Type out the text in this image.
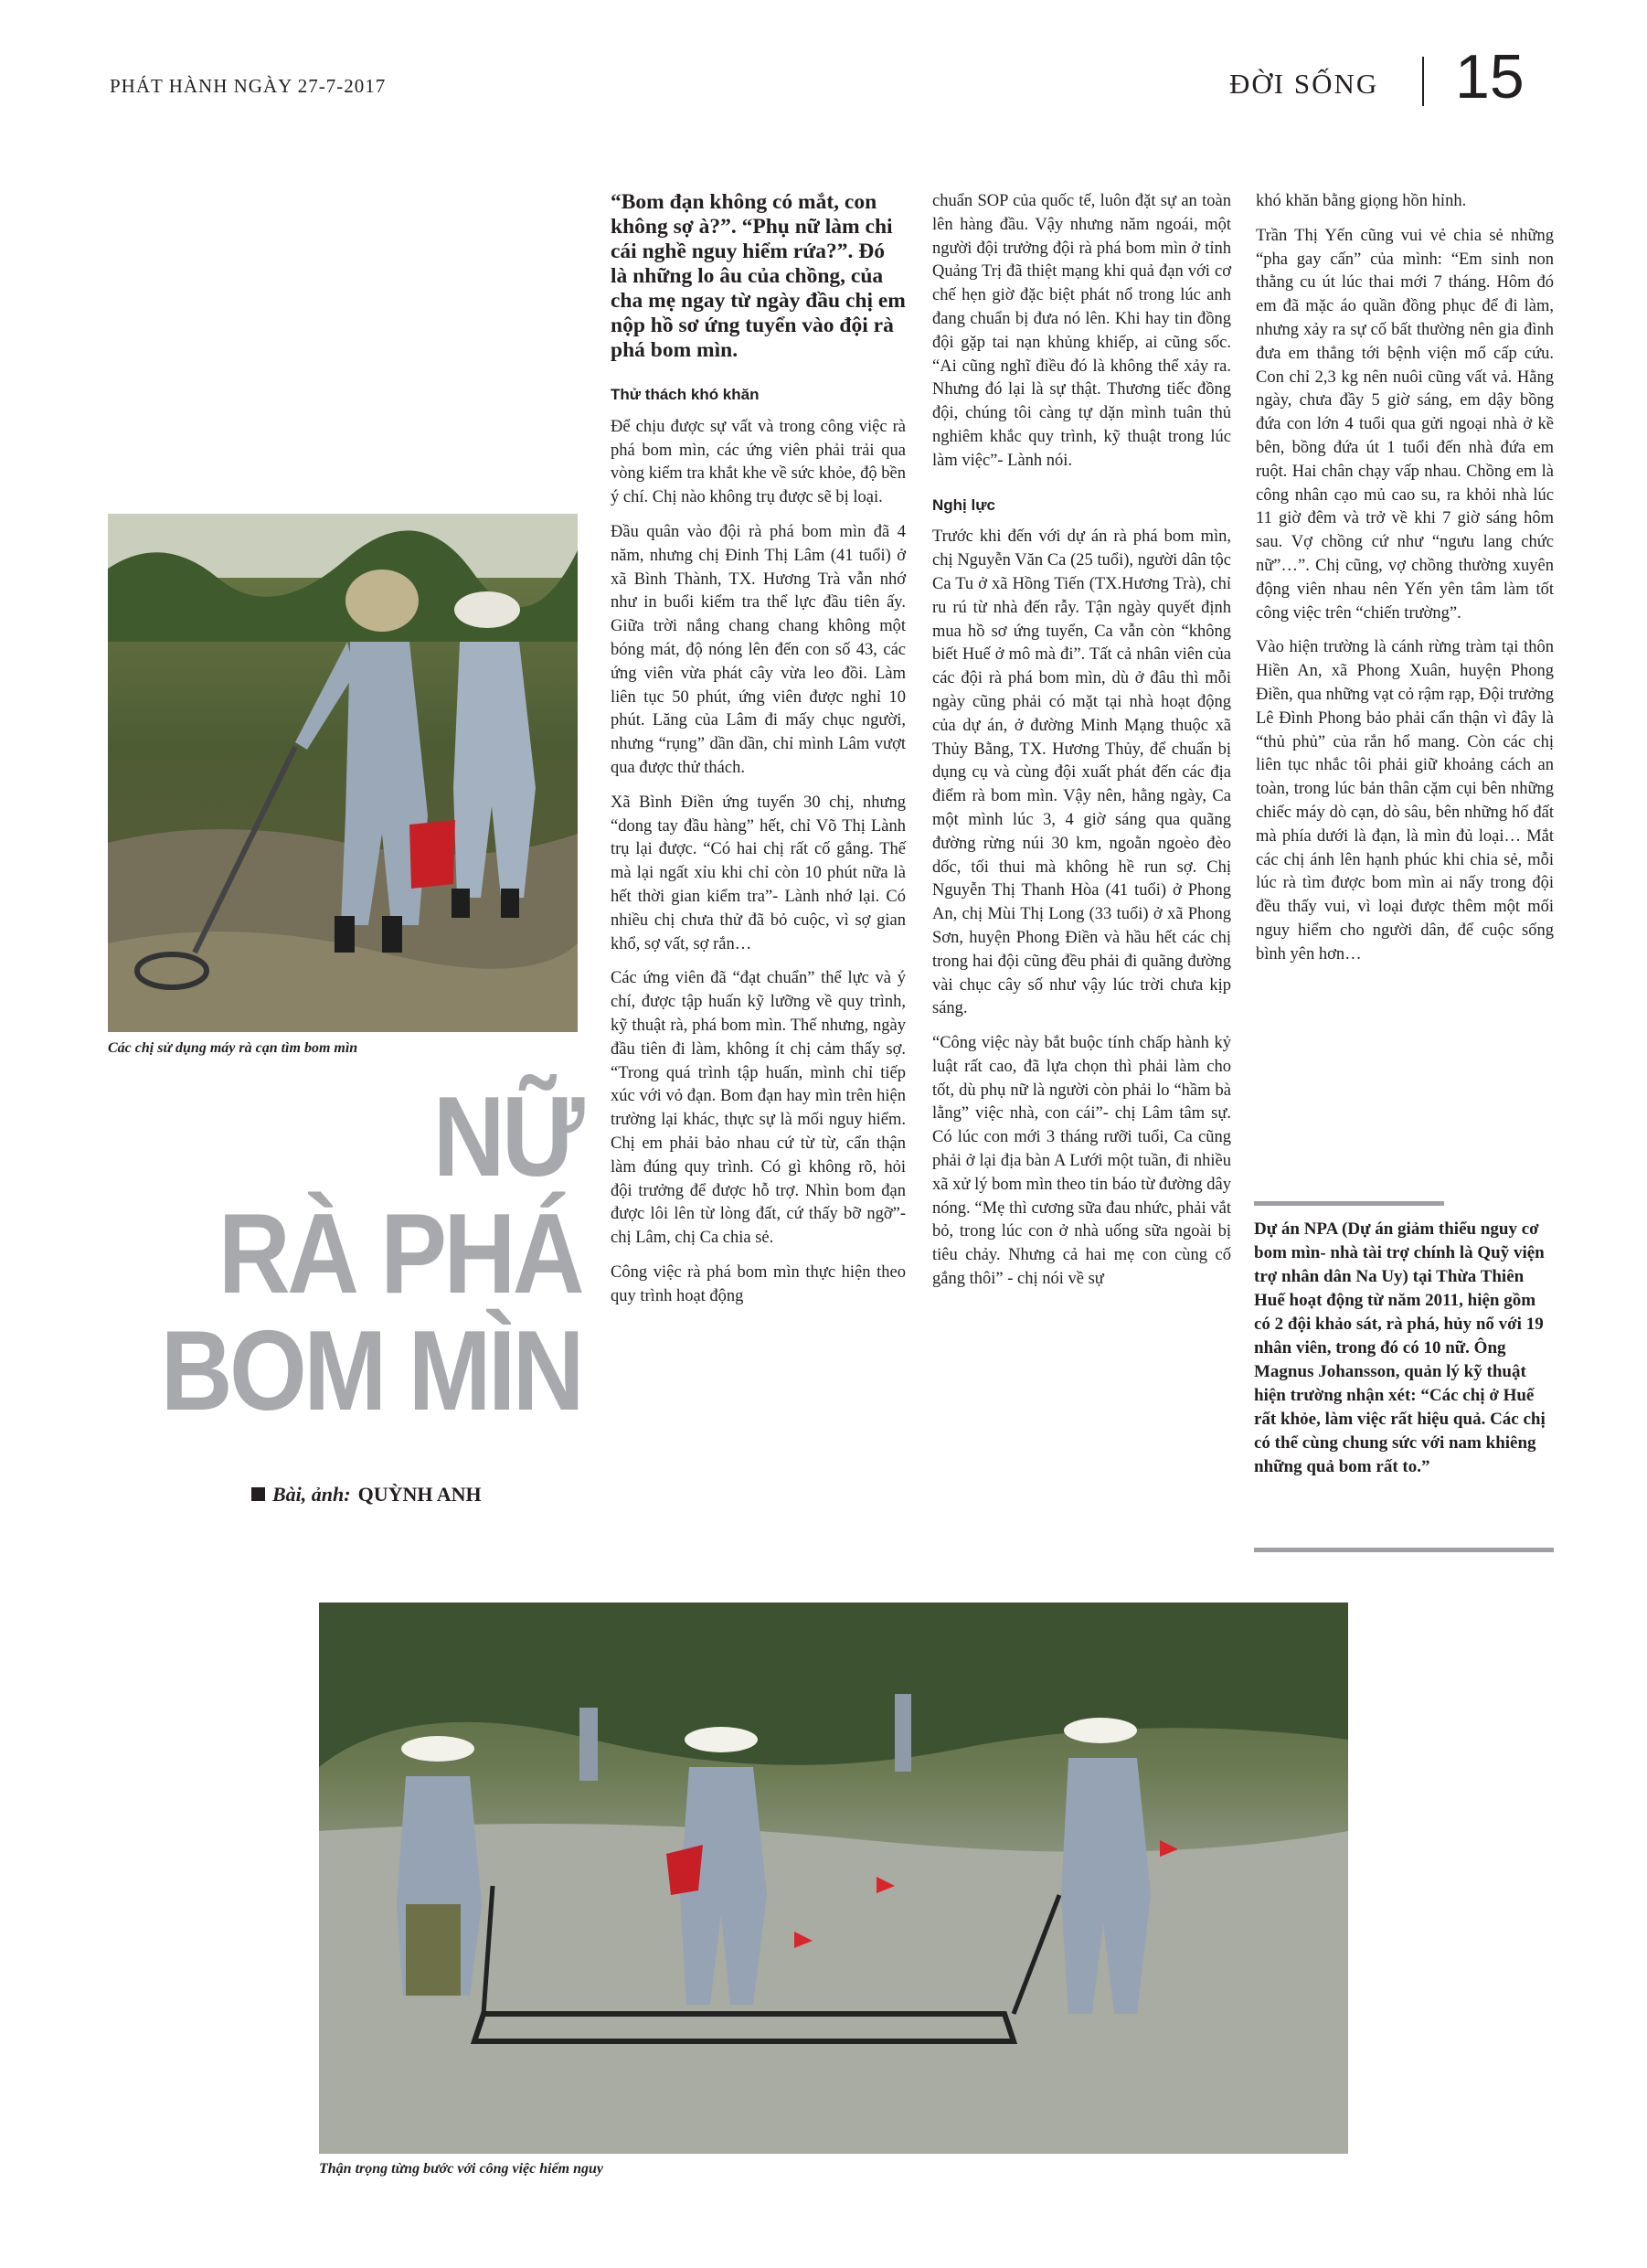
PHÁT HÀNH NGÀY 27-7-2017	ĐỜI SỐNG 15
Các chị sử dụng máy rà cạn tìm bom mìn
NỮ
RÀ PHÁ
BOM MÌN
Bài, ảnh: QUỲNH ANH

“Bom đạn không có mắt, con không sợ à?”. “Phụ nữ làm chi cái nghề nguy hiểm rứa?”. Đó là những lo âu của chồng, của cha mẹ ngay từ ngày đầu chị em nộp hồ sơ ứng tuyển vào đội rà phá bom mìn.

Thử thách khó khăn

Để chịu được sự vất và trong công việc rà phá bom mìn, các ứng viên phải trải qua vòng kiểm tra khắt khe về sức khỏe, độ bền ý chí. Chị nào không trụ được sẽ bị loại.

Đầu quân vào đội rà phá bom mìn đã 4 năm, nhưng chị Đinh Thị Lâm (41 tuổi) ở xã Bình Thành, TX. Hương Trà vẫn nhớ như in buổi kiểm tra thể lực đầu tiên ấy. Giữa trời nắng chang chang không một bóng mát, độ nóng lên đến con số 43, các ứng viên vừa phát cây vừa leo đồi. Làm liên tục 50 phút, ứng viên được nghỉ 10 phút. Lăng của Lâm đi mấy chục người, nhưng “rụng” dần dần, chỉ mình Lâm vượt qua được thử thách.

Xã Bình Điền ứng tuyển 30 chị, nhưng “dong tay đầu hàng” hết, chỉ Võ Thị Lành trụ lại được. “Có hai chị rất cố gắng. Thế mà lại ngất xỉu khi chỉ còn 10 phút nữa là hết thời gian kiểm tra”- Lành nhớ lại. Có nhiều chị chưa thử đã bỏ cuộc, vì sợ gian khổ, sợ vất, sợ rắn…

Các ứng viên đã “đạt chuẩn” thể lực và ý chí, được tập huấn kỹ lưỡng về quy trình, kỹ thuật rà, phá bom mìn. Thế nhưng, ngày đầu tiên đi làm, không ít chị cảm thấy sợ. “Trong quá trình tập huấn, mình chỉ tiếp xúc với vỏ đạn. Bom đạn hay mìn trên hiện trường lại khác, thực sự là mối nguy hiểm. Chị em phải bảo nhau cứ từ từ, cẩn thận làm đúng quy trình. Có gì không rõ, hỏi đội trưởng để được hỗ trợ. Nhìn bom đạn được lôi lên từ lòng đất, cứ thấy bỡ ngỡ”- chị Lâm, chị Ca chia sẻ.

Công việc rà phá bom mìn thực hiện theo quy trình hoạt động

chuẩn SOP của quốc tế, luôn đặt sự an toàn lên hàng đầu. Vậy nhưng năm ngoái, một người đội trưởng đội rà phá bom mìn ở tỉnh Quảng Trị đã thiệt mạng khi quả đạn với cơ chế hẹn giờ đặc biệt phát nổ trong lúc anh đang chuẩn bị đưa nó lên. Khi hay tin đồng đội gặp tai nạn khủng khiếp, ai cũng sốc. “Ai cũng nghĩ điều đó là không thể xảy ra. Nhưng đó lại là sự thật. Thương tiếc đồng đội, chúng tôi càng tự dặn mình tuân thủ nghiêm khắc quy trình, kỹ thuật trong lúc làm việc”- Lành nói.

Nghị lực

Trước khi đến với dự án rà phá bom mìn, chị Nguyễn Văn Ca (25 tuổi), người dân tộc Ca Tu ở xã Hồng Tiến (TX.Hương Trà), chỉ ru rú từ nhà đến rẫy. Tận ngày quyết định mua hồ sơ ứng tuyển, Ca vẫn còn “không biết Huế ở mô mà đi”. Tất cả nhân viên của các đội rà phá bom mìn, dù ở đâu thì mỗi ngày cũng phải có mặt tại nhà hoạt động của dự án, ở đường Minh Mạng thuộc xã Thủy Bằng, TX. Hương Thủy, để chuẩn bị dụng cụ và cùng đội xuất phát đến các địa điểm rà bom mìn. Vậy nên, hằng ngày, Ca một mình lúc 3, 4 giờ sáng qua quãng đường rừng núi 30 km, ngoằn ngoèo đèo dốc, tối thui mà không hề run sợ. Chị Nguyễn Thị Thanh Hòa (41 tuổi) ở Phong An, chị Mùi Thị Long (33 tuổi) ở xã Phong Sơn, huyện Phong Điền và hầu hết các chị trong hai đội cũng đều phải đi quãng đường vài chục cây số như vậy lúc trời chưa kịp sáng.

“Công việc này bắt buộc tính chấp hành kỷ luật rất cao, đã lựa chọn thì phải làm cho tốt, dù phụ nữ là người còn phải lo “hầm bà lằng” việc nhà, con cái”- chị Lâm tâm sự. Có lúc con mới 3 tháng rưỡi tuổi, Ca cũng phải ở lại địa bàn A Lưới một tuần, đi nhiều xã xử lý bom mìn theo tin báo từ đường dây nóng. “Mẹ thì cương sữa đau nhức, phải vắt bỏ, trong lúc con ở nhà uống sữa ngoài bị tiêu chảy. Nhưng cả hai mẹ con cùng cố gắng thôi” - chị nói về sự

khó khăn bằng giọng hồn hỉnh.

Trần Thị Yến cũng vui vẻ chia sẻ những “pha gay cấn” của mình: “Em sinh non thằng cu út lúc thai mới 7 tháng. Hôm đó em đã mặc áo quần đồng phục để đi làm, nhưng xảy ra sự cố bất thường nên gia đình đưa em thẳng tới bệnh viện mổ cấp cứu. Con chỉ 2,3 kg nên nuôi cũng vất vả. Hằng ngày, chưa đầy 5 giờ sáng, em dậy bồng đứa con lớn 4 tuổi qua gửi ngoại nhà ở kề bên, bồng đứa út 1 tuổi đến nhà đứa em ruột. Hai chân chạy vấp nhau. Chồng em là công nhân cạo mủ cao su, ra khỏi nhà lúc 11 giờ đêm và trở về khi 7 giờ sáng hôm sau. Vợ chồng cứ như “ngưu lang chức nữ”…”. Chị cũng, vợ chồng thường xuyên động viên nhau nên Yến yên tâm làm tốt công việc trên “chiến trường”.

Vào hiện trường là cánh rừng tràm tại thôn Hiền An, xã Phong Xuân, huyện Phong Điền, qua những vạt cỏ rậm rạp, Đội trưởng Lê Đình Phong bảo phải cẩn thận vì đây là “thủ phủ” của rắn hổ mang. Còn các chị liên tục nhắc tôi phải giữ khoảng cách an toàn, trong lúc bản thân cặm cụi bên những chiếc máy dò cạn, dò sâu, bên những hố đất mà phía dưới là đạn, là mìn đủ loại… Mắt các chị ánh lên hạnh phúc khi chia sẻ, mỗi lúc rà tìm được bom mìn ai nấy trong đội đều thấy vui, vì loại được thêm một mối nguy hiểm cho người dân, để cuộc sống bình yên hơn…

Dự án NPA (Dự án giảm thiểu nguy cơ bom mìn- nhà tài trợ chính là Quỹ viện trợ nhân dân Na Uy) tại Thừa Thiên Huế hoạt động từ năm 2011, hiện gồm có 2 đội khảo sát, rà phá, hủy nổ với 19 nhân viên, trong đó có 10 nữ. Ông Magnus Johansson, quản lý kỹ thuật hiện trường nhận xét: “Các chị ở Huế rất khỏe, làm việc rất hiệu quả. Các chị có thể cùng chung sức với nam khiêng những quả bom rất to.”
Thận trọng từng bước với công việc hiểm nguy
